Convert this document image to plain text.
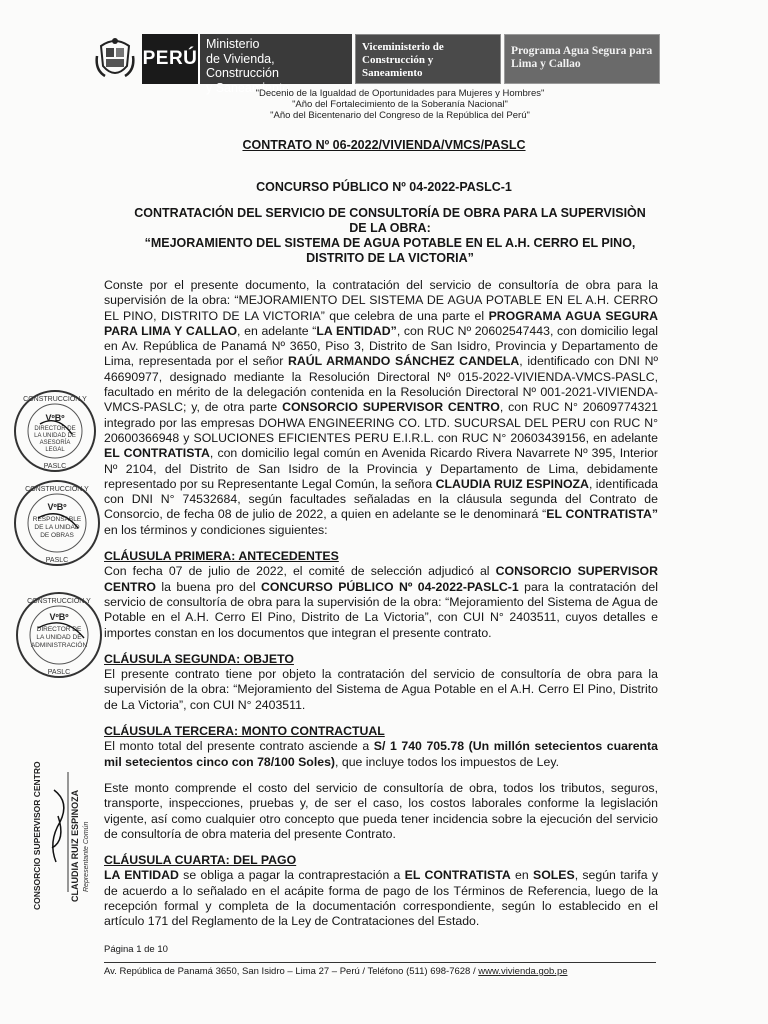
PERÚ
Ministerio
de Vivienda, Construcción
y Saneamiento
Viceministerio de
Construcción y
Saneamiento
Programa Agua Segura para
Lima y Callao
"Decenio de la Igualdad de Oportunidades para Mujeres y Hombres"
"Año del Fortalecimiento de la Soberanía Nacional"
"Año del Bicentenario del Congreso de la República del Perú"
CONTRATO Nº 06-2022/VIVIENDA/VMCS/PASLC
CONCURSO PÚBLICO Nº 04-2022-PASLC-1
CONTRATACIÓN DEL SERVICIO DE CONSULTORÍA DE OBRA PARA LA SUPERVISIÒN
DE LA OBRA:
“MEJORAMIENTO DEL SISTEMA DE AGUA POTABLE EN EL A.H. CERRO EL PINO,
DISTRITO DE LA VICTORIA”

Conste por el presente documento, la contratación del servicio de consultoría de obra para la supervisión de la obra: “MEJORAMIENTO DEL SISTEMA DE AGUA POTABLE EN EL A.H. CERRO EL PINO, DISTRITO DE LA VICTORIA” que celebra de una parte el PROGRAMA AGUA SEGURA PARA LIMA Y CALLAO, en adelante “LA ENTIDAD”, con RUC Nº 20602547443, con domicilio legal en Av. República de Panamá Nº 3650, Piso 3, Distrito de San Isidro, Provincia y Departamento de Lima, representada por el señor RAÚL ARMANDO SÁNCHEZ CANDELA, identificado con DNI Nº 46690977, designado mediante la Resolución Directoral Nº 015-2022-VIVIENDA-VMCS-PASLC, facultado en mérito de la delegación contenida en la Resolución Directoral Nº 001-2021-VIVIENDA-VMCS-PASLC; y, de otra parte CONSORCIO SUPERVISOR CENTRO, con RUC N° 20609774321 integrado por las empresas DOHWA ENGINEERING CO. LTD. SUCURSAL DEL PERU con RUC N° 20600366948 y SOLUCIONES EFICIENTES PERU E.I.R.L. con RUC N° 20603439156, en adelante EL CONTRATISTA, con domicilio legal común en Avenida Ricardo Rivera Navarrete Nº 395, Interior Nº 2104, del Distrito de San Isidro de la Provincia y Departamento de Lima, debidamente representado por su Representante Legal Común, la señora CLAUDIA RUIZ ESPINOZA, identificada con DNI N° 74532684, según facultades señaladas en la cláusula segunda del Contrato de Consorcio, de fecha 08 de julio de 2022, a quien en adelante se le denominará “EL CONTRATISTA” en los términos y condiciones siguientes:

CLÁUSULA PRIMERA: ANTECEDENTES

Con fecha 07 de julio de 2022, el comité de selección adjudicó al CONSORCIO SUPERVISOR CENTRO la buena pro del CONCURSO PÚBLICO Nº 04-2022-PASLC-1 para la contratación del servicio de consultoría de obra para la supervisión de la obra: “Mejoramiento del Sistema de Agua de Potable en el A.H. Cerro El Pino, Distrito de La Victoria”, con CUI N° 2403511, cuyos detalles e importes constan en los documentos que integran el presente contrato.

CLÁUSULA SEGUNDA: OBJETO

El presente contrato tiene por objeto la contratación del servicio de consultoría de obra para la supervisión de la obra: “Mejoramiento del Sistema de Agua Potable en el A.H. Cerro El Pino, Distrito de La Victoria”, con CUI N° 2403511.

CLÁUSULA TERCERA: MONTO CONTRACTUAL

El monto total del presente contrato asciende a S/ 1 740 705.78 (Un millón setecientos cuarenta mil setecientos cinco con 78/100 Soles), que incluye todos los impuestos de Ley.

Este monto comprende el costo del servicio de consultoría de obra, todos los tributos, seguros, transporte, inspecciones, pruebas y, de ser el caso, los costos laborales conforme la legislación vigente, así como cualquier otro concepto que pueda tener incidencia sobre la ejecución del servicio de consultoría de obra materia del presente Contrato.

CLÁUSULA CUARTA: DEL PAGO

LA ENTIDAD se obliga a pagar la contraprestación a EL CONTRATISTA en SOLES, según tarifa y de acuerdo a lo señalado en el acápite forma de pago de los Términos de Referencia, luego de la recepción formal y completa de la documentación correspondiente, según lo establecido en el artículo 171 del Reglamento de la Ley de Contrataciones del Estado.

CONSTRUCCIÓN Y
VºBº
DIRECTOR DE
LA UNIDAD DE
ASESORÍA
LEGAL
PASLC
CONSTRUCCIÓN Y
VºBº
RESPONSABLE
DE LA UNIDAD
DE OBRAS
PASLC
CONSTRUCCIÓN Y
VºBº
DIRECTOR DE
LA UNIDAD DE
ADMINISTRACIÓN
PASLC
CONSORCIO SUPERVISOR CENTRO	CLAUDIA RUIZ ESPINOZA Representante Común
Página 1 de 10
Av. República de Panamá 3650, San Isidro – Lima 27 – Perú / Teléfono (511) 698-7628 / www.vivienda.gob.pe
